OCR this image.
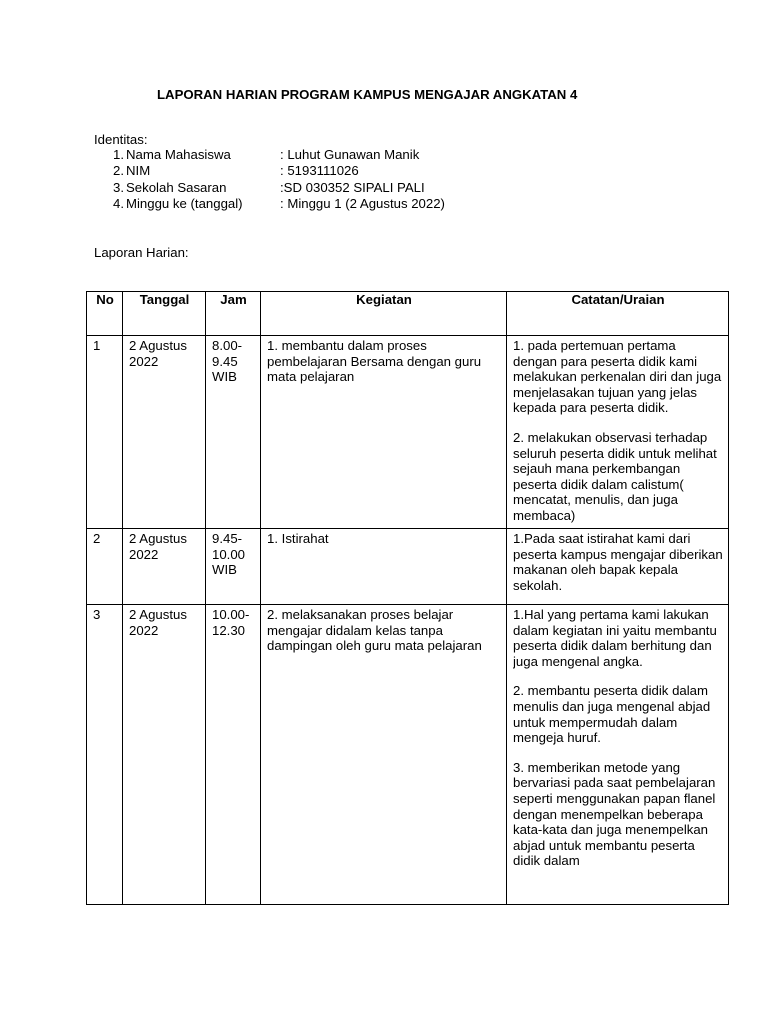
LAPORAN HARIAN PROGRAM KAMPUS MENGAJAR ANGKATAN 4
Identitas:
1. Nama Mahasiswa	: Luhut Gunawan Manik
2. NIM	: 5193111026
3. Sekolah Sasaran	:SD 030352 SIPALI PALI
4. Minggu ke (tanggal)	: Minggu 1 (2 Agustus 2022)
Laporan Harian:
No	Tanggal	Jam	Kegiatan	Catatan/Uraian
1	2 Agustus 2022	8.00-9.45 WIB	1. membantu dalam proses pembelajaran Bersama dengan guru mata pelajaran	1. pada pertemuan pertama dengan para peserta didik kami melakukan perkenalan diri dan juga menjelasakan tujuan yang jelas kepada para peserta didik.

2. melakukan observasi terhadap seluruh peserta didik untuk melihat sejauh mana perkembangan peserta didik dalam calistum( mencatat, menulis, dan juga membaca)

2	2 Agustus 2022	9.45-10.00 WIB	1. Istirahat	1.Pada saat istirahat kami dari peserta kampus mengajar diberikan makanan oleh bapak kepala sekolah.

3	2 Agustus 2022	10.00-12.30	2. melaksanakan proses belajar mengajar didalam kelas tanpa dampingan oleh guru mata pelajaran	1.Hal yang pertama kami lakukan dalam kegiatan ini yaitu membantu peserta didik dalam berhitung dan juga mengenal angka.

2. membantu peserta didik dalam menulis dan juga mengenal abjad untuk mempermudah dalam mengeja huruf.

3. memberikan metode yang bervariasi pada saat pembelajaran seperti menggunakan papan flanel dengan menempelkan beberapa kata-kata dan juga menempelkan abjad untuk membantu peserta didik dalam
